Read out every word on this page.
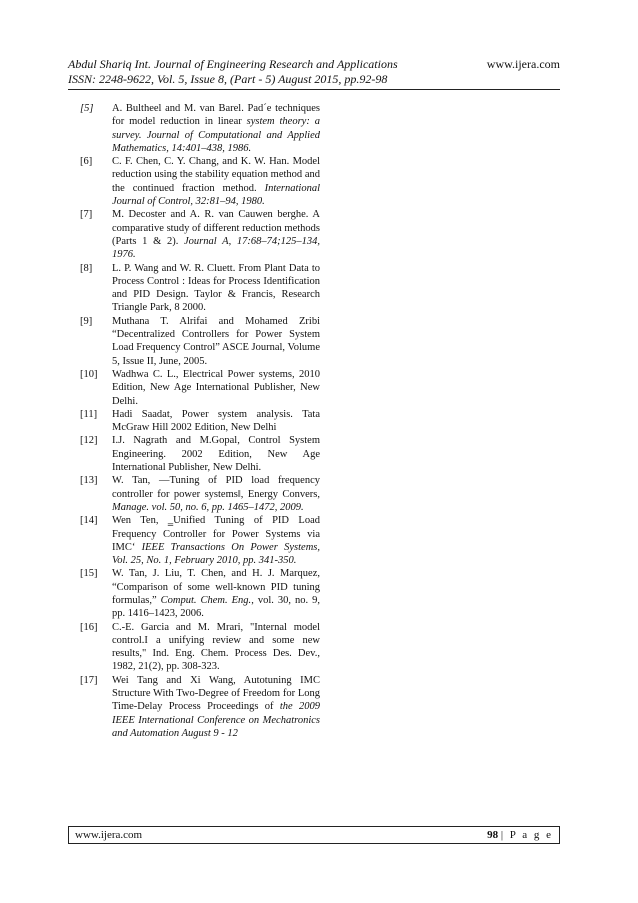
Abdul Shariq Int. Journal of Engineering Research and Applications	www.ijera.com
ISSN: 2248-9622, Vol. 5, Issue 8, (Part - 5) August 2015, pp.92-98
[5]	A. Bultheel and M. van Barel. Pad´e techniques for model reduction in linear system theory: a survey. Journal of Computational and Applied Mathematics, 14:401–438, 1986.
[6]	C. F. Chen, C. Y. Chang, and K. W. Han. Model reduction using the stability equation method and the continued fraction method. International Journal of Control, 32:81–94, 1980.
[7]	M. Decoster and A. R. van Cauwen berghe. A comparative study of different reduction methods (Parts 1 & 2). Journal A, 17:68–74;125–134, 1976.
[8]	L. P. Wang and W. R. Cluett. From Plant Data to Process Control : Ideas for Process Identification and PID Design. Taylor & Francis, Research Triangle Park, 8 2000.
[9]	Muthana T. Alrifai and Mohamed Zribi “Decentralized Controllers for Power System Load Frequency Control” ASCE Journal, Volume 5, Issue II, June, 2005.
[10]	Wadhwa C. L., Electrical Power systems, 2010 Edition, New Age International Publisher, New Delhi.
[11]	Hadi Saadat, Power system analysis. Tata McGraw Hill 2002 Edition, New Delhi
[12]	I.J. Nagrath and M.Gopal, Control System Engineering. 2002 Edition, New Age International Publisher, New Delhi.
[13]	W. Tan, ―Tuning of PID load frequency controller for power systems‖, Energy Convers, Manage. vol. 50, no. 6, pp. 1465–1472, 2009.
[14]	Wen Ten, ‗Unified Tuning of PID Load Frequency Controller for Power Systems via IMC‘ IEEE Transactions On Power Systems, Vol. 25, No. 1, February 2010, pp. 341-350.
[15]	W. Tan, J. Liu, T. Chen, and H. J. Marquez, “Comparison of some well-known PID tuning formulas,” Comput. Chem. Eng., vol. 30, no. 9, pp. 1416–1423, 2006.
[16]	C.-E. Garcia and M. Mrari, "Internal model control.I a unifying review and some new results," Ind. Eng. Chem. Process Des. Dev., 1982, 21(2), pp. 308-323.
[17]	Wei Tang and Xi Wang, Autotuning IMC Structure With Two-Degree of Freedom for Long Time-Delay Process Proceedings of the 2009 IEEE International Conference on Mechatronics and Automation August 9 - 12
www.ijera.com	98 | P a g e
